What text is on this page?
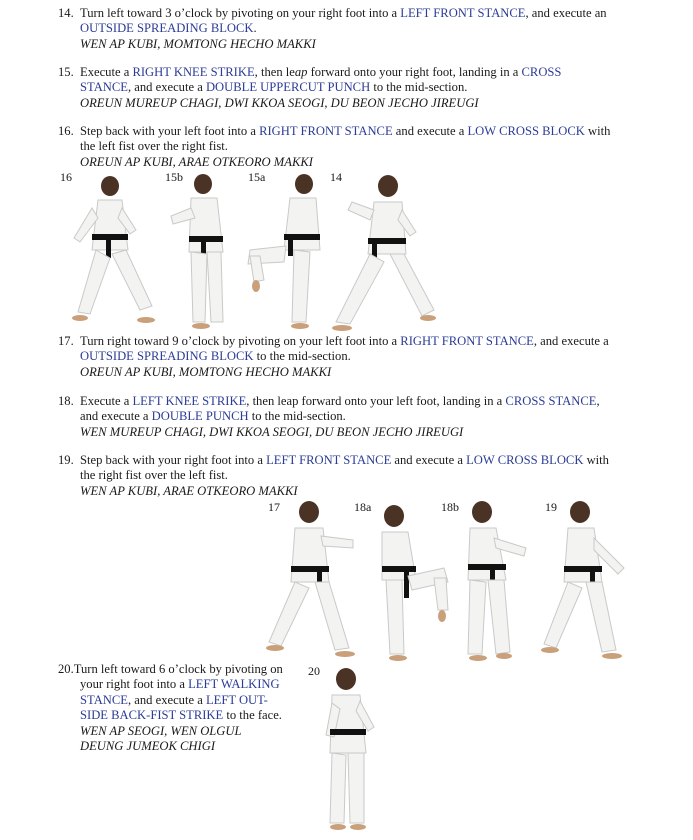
14. Turn left toward 3 o’clock by pivoting on your right foot into a LEFT FRONT STANCE, and execute an

OUTSIDE SPREADING BLOCK.

WEN AP KUBI, MOMTONG HECHO MAKKI

15. Execute a RIGHT KNEE STRIKE, then leap forward onto your right foot, landing in a CROSS

STANCE, and execute a DOUBLE UPPERCUT PUNCH to the mid-section.

OREUN MUREUP CHAGI, DWI KKOA SEOGI, DU BEON JECHO JIREUGI

16. Step back with your left foot into a RIGHT FRONT STANCE and execute a LOW CROSS BLOCK with

the left fist over the right fist.

OREUN AP KUBI, ARAE OTKEORO MAKKI

16	15b	15a	14

17. Turn right toward 9 o’clock by pivoting on your left foot into a RIGHT FRONT STANCE, and execute a

OUTSIDE SPREADING BLOCK to the mid-section.

OREUN AP KUBI, MOMTONG HECHO MAKKI

18. Execute a LEFT KNEE STRIKE, then leap forward onto your left foot, landing in a CROSS STANCE,

and execute a DOUBLE PUNCH to the mid-section.

WEN MUREUP CHAGI, DWI KKOA SEOGI, DU BEON JECHO JIREUGI

19. Step back with your right foot into a LEFT FRONT STANCE and execute a LOW CROSS BLOCK with

the right fist over the left fist.

WEN AP KUBI, ARAE OTKEORO MAKKI

17	18a	18b	19

20.Turn left toward 6 o’clock by pivoting on

your right foot into a LEFT WALKING

STANCE, and execute a LEFT OUT-

SIDE BACK-FIST STRIKE to the face.

WEN AP SEOGI, WEN OLGUL

DEUNG JUMEOK CHIGI

20
